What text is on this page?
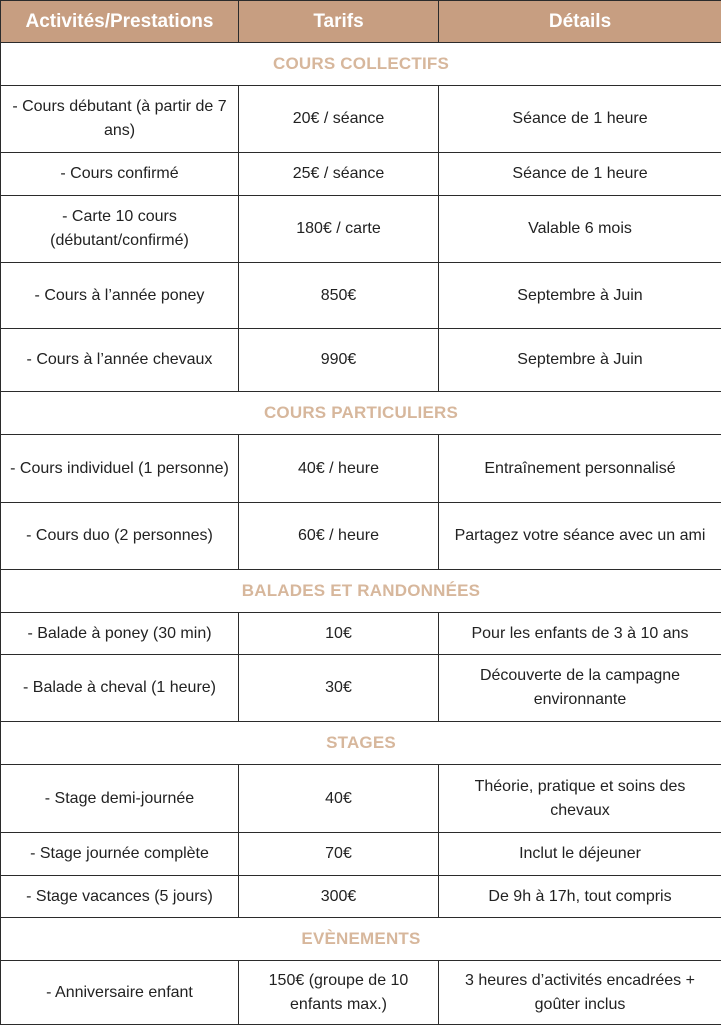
Activités/Prestations	Tarifs	Détails
COURS COLLECTIFS		
- Cours débutant (à partir de 7 ans)	20€ / séance	Séance de 1 heure
- Cours confirmé	25€ / séance	Séance de 1 heure
- Carte 10 cours (débutant/confirmé)	180€ / carte	Valable 6 mois
- Cours à l’année poney	850€	Septembre à Juin
- Cours à l’année chevaux	990€	Septembre à Juin
COURS PARTICULIERS		
- Cours individuel (1 personne)	40€ / heure	Entraînement personnalisé
- Cours duo (2 personnes)	60€ / heure	Partagez votre séance avec un ami
BALADES ET RANDONNÉES		
- Balade à poney (30 min)	10€	Pour les enfants de 3 à 10 ans
- Balade à cheval (1 heure)	30€	Découverte de la campagne environnante
STAGES		
- Stage demi-journée	40€	Théorie, pratique et soins des chevaux
- Stage journée complète	70€	Inclut le déjeuner
- Stage vacances (5 jours)	300€	De 9h à 17h, tout compris
EVÈNEMENTS		
- Anniversaire enfant	150€ (groupe de 10 enfants max.)	3 heures d’activités encadrées + goûter inclus
